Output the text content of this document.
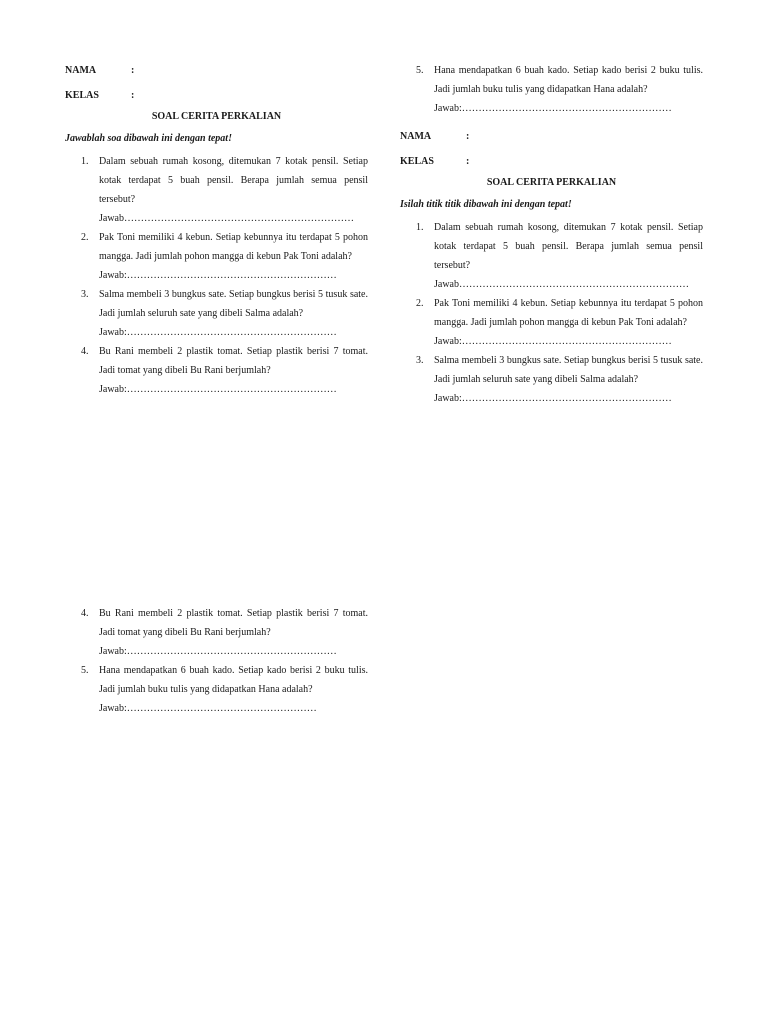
NAMA	:
KELAS	:
SOAL CERITA PERKALIAN
Jawablah soa dibawah ini dengan tepat!
1. Dalam sebuah rumah kosong, ditemukan 7 kotak pensil. Setiap kotak terdapat 5 buah pensil. Berapa jumlah semua pensil tersebut?
Jawab……………………………………………………………
2. Pak Toni memiliki 4 kebun. Setiap kebunnya itu terdapat 5 pohon mangga. Jadi jumlah pohon mangga di kebun Pak Toni adalah?
Jawab:………………………………………………………
3. Salma membeli 3 bungkus sate. Setiap bungkus berisi 5 tusuk sate. Jadi jumlah seluruh sate yang dibeli Salma adalah?
Jawab:………………………………………………………
4. Bu Rani membeli 2 plastik tomat. Setiap plastik berisi 7 tomat. Jadi tomat yang dibeli Bu Rani berjumlah?
Jawab:………………………………………………………
4. Bu Rani membeli 2 plastik tomat. Setiap plastik berisi 7 tomat. Jadi tomat yang dibeli Bu Rani berjumlah?
Jawab:………………………………………………………
5. Hana mendapatkan 6 buah kado. Setiap kado berisi 2 buku tulis. Jadi jumlah buku tulis yang didapatkan Hana adalah?
Jawab:…………………………………………………
5. Hana mendapatkan 6 buah kado. Setiap kado berisi 2 buku tulis. Jadi jumlah buku tulis yang didapatkan Hana adalah?
Jawab:………………………………………………………
NAMA	:
KELAS	:
SOAL CERITA PERKALIAN
Isilah titik titik dibawah ini dengan tepat!
1. Dalam sebuah rumah kosong, ditemukan 7 kotak pensil. Setiap kotak terdapat 5 buah pensil. Berapa jumlah semua pensil tersebut?
Jawab……………………………………………………………
2. Pak Toni memiliki 4 kebun. Setiap kebunnya itu terdapat 5 pohon mangga. Jadi jumlah pohon mangga di kebun Pak Toni adalah?
Jawab:………………………………………………………
3. Salma membeli 3 bungkus sate. Setiap bungkus berisi 5 tusuk sate. Jadi jumlah seluruh sate yang dibeli Salma adalah?
Jawab:………………………………………………………
